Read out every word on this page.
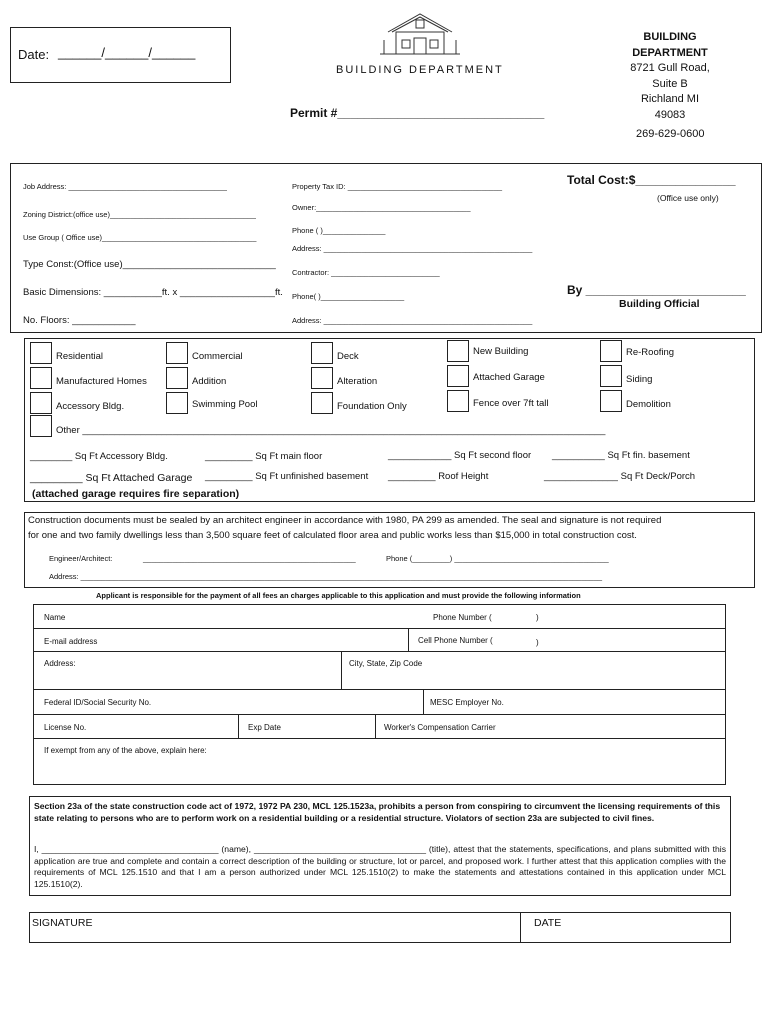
Date: ______/______/______
BUILDING DEPARTMENT
Permit #_______________________________
BUILDING
DEPARTMENT
8721 Gull Road,
Suite B
Richland MI
49083
269-629-0600
Job Address: ______________________________________
Zoning District:(office use)___________________________________
Use Group ( Office use)_____________________________________
Type Const:(Office use)_____________________________
Basic Dimensions: ___________ft. x __________________ft.
No. Floors: ____________
Property Tax ID: _____________________________________
Owner:_____________________________________
Phone ( )_______________
Address: __________________________________________________
Contractor: __________________________
Phone( )____________________
Address: __________________________________________________
Total Cost:$_______________
(Office use only)
By ________________________
Building Official
Residential
Manufactured Homes
Accessory Bldg.
Commercial
Addition
Swimming Pool
Deck
Alteration
Foundation Only
New Building
Attached Garage
Fence over 7ft tall
Re-Roofing
Siding
Demolition
Other ___________________________________________________________________________________________________
________ Sq Ft Accessory Bldg.	_________ Sq Ft main floor	____________ Sq Ft second floor __________ Sq Ft fin. basement
_________ Sq Ft Attached Garage _________ Sq Ft unfinished basement _________ Roof Height	______________ Sq Ft Deck/Porch
(attached garage requires fire separation)
Construction documents must be sealed by an architect engineer in accordance with 1980, PA 299 as amended. The seal and signature is not required
for one and two family dwellings less than 3,500 square feet of calculated floor area and public works less than $15,000 in total construction cost.
Engineer/Architect:	___________________________________________________	Phone (_________) _____________________________________
Address: _____________________________________________________________________________________________________________________________
Applicant is responsible for the payment of all fees an charges applicable to this application and must provide the following information
Name	Phone Number (	)
E-mail address	Cell Phone Number (	)
Address:	City, State, Zip Code
Federal ID/Social Security No.	MESC Employer No.
License No.	Exp Date	Worker's Compensation Carrier
If exempt from any of the above, explain here:
Section 23a of the state construction code act of 1972, 1972 PA 230, MCL 125.1523a, prohibits a person from conspiring to circumvent the licensing requirements of this state relating to persons who are to perform work on a residential building or a residential structure. Violators of section 23a are subjected to civil fines.
I, _____________________________________ (name), ____________________________________ (title), attest that the statements, specifications, and plans submitted with this application are true and complete and contain a correct description of the building or structure, lot or parcel, and proposed work. I further attest that this application complies with the requirements of MCL 125.1510 and that I am a person authorized under MCL 125.1510(2) to make the statements and attestations contained in this application under MCL 125.1510(2).
SIGNATURE	DATE
